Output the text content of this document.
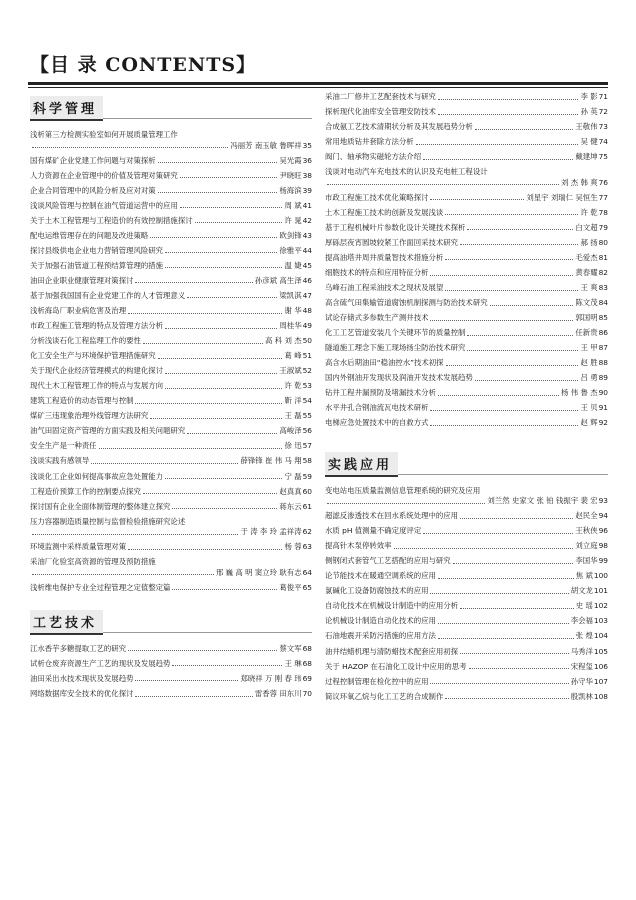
【目 录 CONTENTS】
科学管理
浅析第三方检测实验室如何开展质量管理工作
冯丽芳 南玉敏 鲁晖祥 35
国有煤矿企业党建工作问题与对策探析	吴光霞 36
人力资源在企业管理中的价值及管理对策研究	尹晓旺 38
企业合同管理中的风险分析及应对对策	杨海滨 39
浅谈风险管理与控制在油气管道运营中的应用	周 斌 41
关于土木工程管理与工程造价的有效控制措施探讨	许 晁 42
配电运维管理存在的问题及改进策略	欧剑锋 43
探讨县级供电企业电力营销管理风险研究	徐雅平 44
关于加强石油管道工程预结算管理的措施	温 婕 45
油田企业职业健康管理对策探讨	孙彦斌 高生泽 46
基于加强我国国有企业党建工作的人才管理意义	梁凯淇 47
浅析海岛厂职业病危害及治理	谢 华 48
市政工程施工管理的特点及管理方法分析	周桂华 49
分析浅谈石化工程监理工作的要性	高 科 刘 杰 50
化工安全生产与环境保护管理措施研究	葛 峰 51
关于现代企业经济管理模式的构建化探讨	王淑斌 52
现代土木工程管理工作的特点与发展方向	许 乾 53
建筑工程造价的动态管理与控制	靳 洋 54
煤矿三违现象治理外线管理方法研究	王 磊 55
油气田固定资产管理的方面实践及相关问题研究	高峻泽 56
安全生产是一种责任	徐 迅 57
浅谈实践有感领导	薛锋锋 崔 伟 马 翔 58
浅谈化工企业如何提高事故应急处置能力	宁 磊 59
工程造价预算工作的控制要点探究	赵真真 60
探讨国有企业全面体制管理的整体建立探究	蒋东云 61
压力容器制造质量控制与监督检验措施研究论述
于 涛 李 玲 孟祥涛 62
环境监测中采样质量管理对策	杨 蓉 63
采油厂化验室高资源的管理及预防措施
邢 巍 高 明 窦立玲 耿有志 64
浅析维电保护专业全过程管理之定值整定篇	葛俊平 65
工艺技术
江水香芋多糖提取工艺的研究	蔡文军 68
试析仓废弃资源生产工艺的现状及发展趋势	王 琳 68
油田采出水技术现状及发展趋势	郑晓祥 万 刚 春 玮 69
网络数据库安全技术的优化探讨	雷香蓉 田东川 70
采油二厂修井工艺配套技术与研究	李 影 71
探析现代化油库安全管理安防技术	孙 英 72
合成氨工艺技术清期状分析及其发展趋势分析	王敬伟 73
常用地质钻井套除方法分析	吴 健 74
阀门、轴承物实磁轮方法介绍	戴建坤 75
浅谈对电动汽车充电技术的认识及充电桩工程设计
刘 杰 韩 爽 76
市政工程施工技术优化策略探讨	刘星宇 刘瑞仁 吴恒生 77
土木工程施工技术的创新及发展浅谈	许 乾 78
基于工程机械叶片参数化设计关键技术探析	白文超 79
厚砾层夜宵圆坡较紧工作面回采技术研究	郝 扬 80
提高油塔井周井质量智技术措施分析	毛爱杰 81
细胞技术的特点和应用特征分析	黄春耀 82
乌峰石油工程采油技术之现状及展望	王 爽 83
高含硫气田集输管道腐蚀机制探测与防治技术研究	陈文茂 84
试论存储式多参数生产测井技术	郭国明 85
化工工艺管道安装几个关键环节的质量控制	任新贵 86
隧道施工理念下施工现场扬尘防治技术研究	王 甲 87
高含水后期油田“稳油控水”技术初探	赵 胜 88
国内外钢油开发现状及润油开发技术发展趋势	吕 勇 89
钻井工程井漏预防及堵漏技术分析	杨 伟 鲁 杰 90
水平井孔合钢油流瓦电技术研析	王 贝 91
电梯应急处置技术中的自救方式	赵 辉 92
实践应用
变电站电压质量监测信息管理系统的研究及应用
刘兰然 史家文 张 铂 钱振宇 裴 宏 93
超滤反渗透技术在回水系统处理中的应用	赵民全 94
水质 pH 值测量不确定度评定	王秋侠 96
提高针木泵停转效率	刘立庭 98
侧钢闭式套管气工艺搭配的应用与研究	李国华 99
论节能技术在暖通空调系统的应用	焦 斌 100
氯碱化工设备防腐蚀技术的应用	胡文龙 101
自动化技术在机械设计制造中的应用分析	史 瑶 102
论机械设计制造自动化技术的应用	李会福 103
石油地震开采防污措施的应用方法	张 煌 104
油井结蜡机理与清防蜡技术配套应用初探	马秀洋 105
关于 HAZOP 在石油化工设计中应用的思考	宋程玺 106
过程控制管理在检化控中的应用	孙守华 107
简议环氧乙烷与化工工艺的合成制作	殷凯林 108
